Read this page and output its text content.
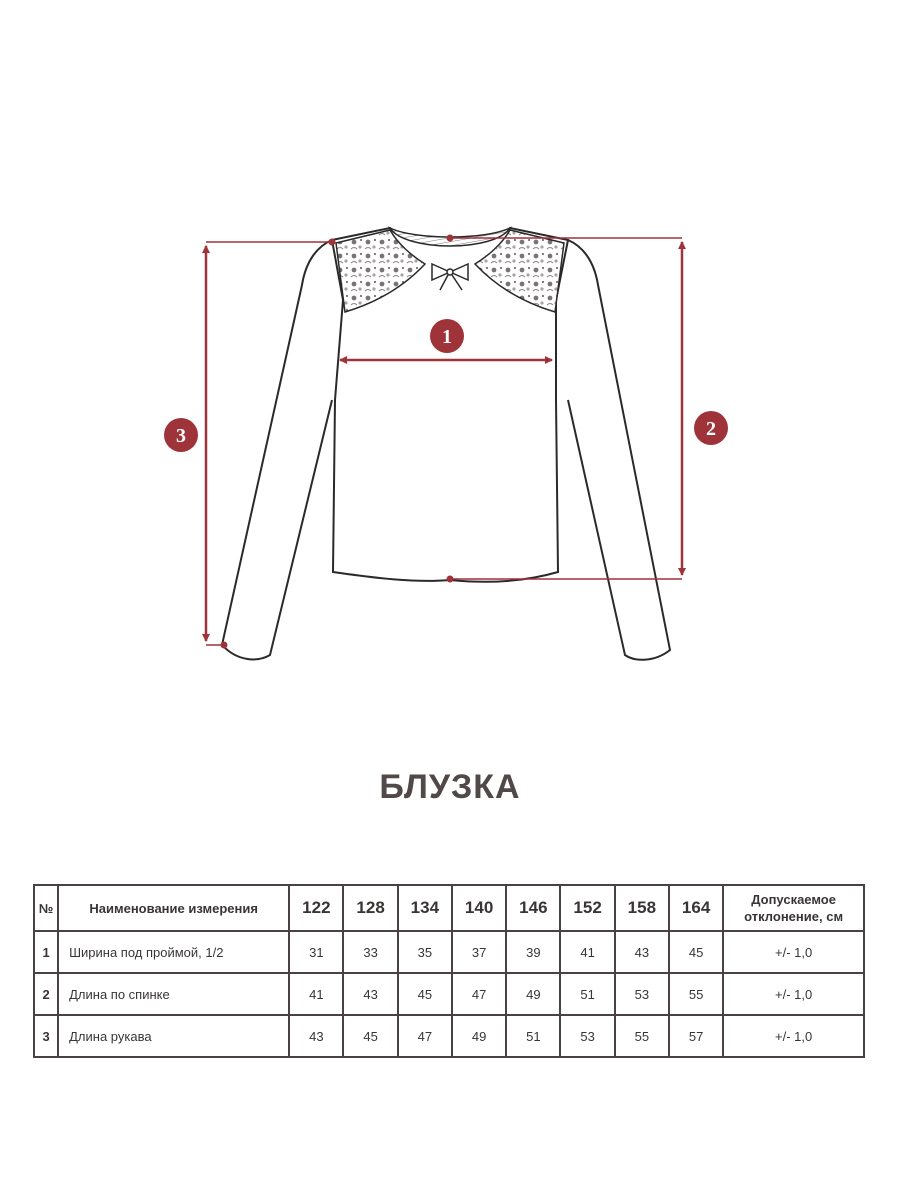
1
2
3
БЛУЗКА
№	Наименование измерения	122	128	134	140	146	152	158	164	Допускаемое
отклонение, см

1	Ширина под проймой, 1/2	31	33	35	37	39	41	43	45	+/- 1,0
2	Длина по спинке	41	43	45	47	49	51	53	55	+/- 1,0
3	Длина рукава	43	45	47	49	51	53	55	57	+/- 1,0
